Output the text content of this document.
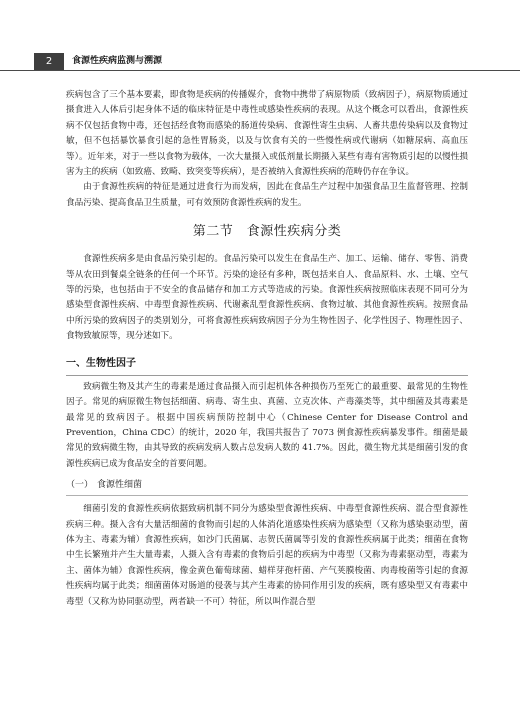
2	食源性疾病监测与溯源

疾病包含了三个基本要素，即食物是疾病的传播媒介，食物中携带了病原物质（致病因子），病原物质通过摄食进入人体后引起身体不适的临床特征是中毒性或感染性疾病的表现。从这个概念可以看出，食源性疾病不仅包括食物中毒，还包括经食物而感染的肠道传染病、食源性寄生虫病、人畜共患传染病以及食物过敏，但不包括暴饮暴食引起的急性胃肠炎，以及与饮食有关的一些慢性病或代谢病（如糖尿病、高血压等）。近年来，对于一些以食物为载体，一次大量摄入或低剂量长期摄入某些有毒有害物质引起的以慢性损害为主的疾病（如致癌、致畸、致突变等疾病），是否被纳入食源性疾病的范畴仍存在争议。

由于食源性疾病的特征是通过进食行为而发病，因此在食品生产过程中加强食品卫生监督管理、控制食品污染、提高食品卫生质量，可有效预防食源性疾病的发生。

第二节　食源性疾病分类

食源性疾病多是由食品污染引起的。食品污染可以发生在食品生产、加工、运输、储存、零售、消费等从农田到餐桌全链条的任何一个环节。污染的途径有多种，既包括来自人、食品原料、水、土壤、空气等的污染，也包括由于不安全的食品储存和加工方式等造成的污染。食源性疾病按照临床表现不同可分为感染型食源性疾病、中毒型食源性疾病、代谢紊乱型食源性疾病、食物过敏、其他食源性疾病。按照食品中所污染的致病因子的类别划分，可将食源性疾病致病因子分为生物性因子、化学性因子、物理性因子、食物致敏原等，现分述如下。

一、生物性因子

致病微生物及其产生的毒素是通过食品摄入而引起机体各种损伤乃至死亡的最重要、最常见的生物性因子。常见的病原微生物包括细菌、病毒、寄生虫、真菌、立克次体、产毒藻类等，其中细菌及其毒素是最常见的致病因子。根据中国疾病预防控制中心（Chinese Center for Disease Control and Prevention，China CDC）的统计，2020 年，我国共报告了 7073 例食源性疾病暴发事件。细菌是最常见的致病微生物，由其导致的疾病发病人数占总发病人数的 41.7%。因此，微生物尤其是细菌引发的食源性疾病已成为食品安全的首要问题。

（一） 食源性细菌

细菌引发的食源性疾病依据致病机制不同分为感染型食源性疾病、中毒型食源性疾病、混合型食源性疾病三种。摄入含有大量活细菌的食物而引起的人体消化道感染性疾病为感染型（又称为感染驱动型，菌体为主、毒素为辅）食源性疾病，如沙门氏菌属、志贺氏菌属等引发的食源性疾病属于此类；细菌在食物中生长繁殖并产生大量毒素，人摄入含有毒素的食物后引起的疾病为中毒型（又称为毒素驱动型，毒素为主、菌体为辅）食源性疾病，像金黄色葡萄球菌、蜡样芽孢杆菌、产气荚膜梭菌、肉毒梭菌等引起的食源性疾病均属于此类；细菌菌体对肠道的侵袭与其产生毒素的协同作用引发的疾病，既有感染型又有毒素中毒型（又称为协同驱动型，两者缺一不可）特征，所以叫作混合型
